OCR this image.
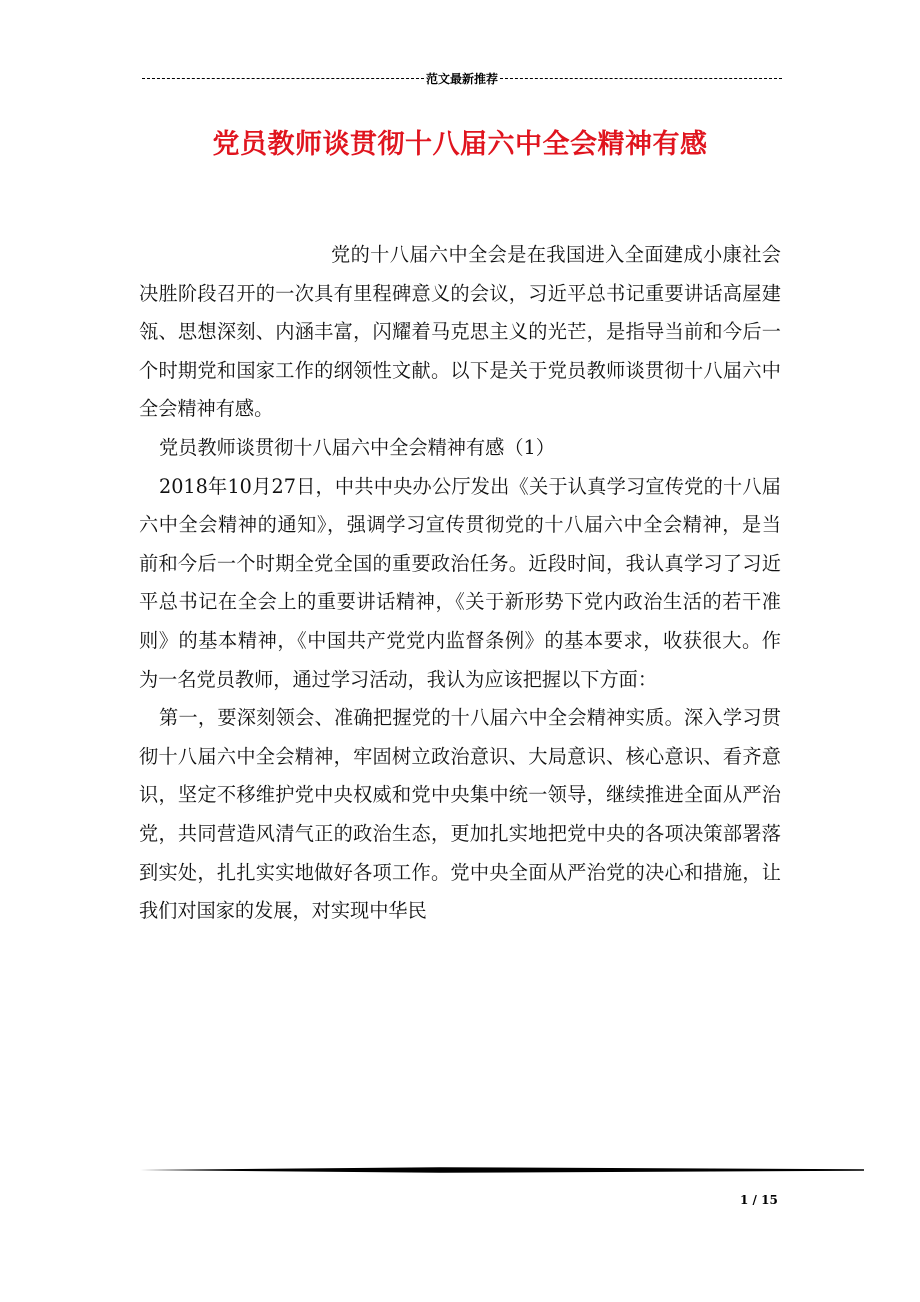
范文最新推荐
党员教师谈贯彻十八届六中全会精神有感

党的十八届六中全会是在我国进入全面建成小康社会决胜阶段召开的一次具有里程碑意义的会议，习近平总书记重要讲话高屋建瓴、思想深刻、内涵丰富，闪耀着马克思主义的光芒，是指导当前和今后一个时期党和国家工作的纲领性文献。以下是关于党员教师谈贯彻十八届六中全会精神有感。

党员教师谈贯彻十八届六中全会精神有感（1）

2018年10月27日，中共中央办公厅发出《关于认真学习宣传党的十八届六中全会精神的通知》，强调学习宣传贯彻党的十八届六中全会精神，是当前和今后一个时期全党全国的重要政治任务。近段时间，我认真学习了习近平总书记在全会上的重要讲话精神，《关于新形势下党内政治生活的若干准则》的基本精神，《中国共产党党内监督条例》的基本要求，收获很大。作为一名党员教师，通过学习活动，我认为应该把握以下方面：

第一，要深刻领会、准确把握党的十八届六中全会精神实质。深入学习贯彻十八届六中全会精神，牢固树立政治意识、大局意识、核心意识、看齐意识，坚定不移维护党中央权威和党中央集中统一领导，继续推进全面从严治党，共同营造风清气正的政治生态，更加扎实地把党中央的各项决策部署落到实处，扎扎实实地做好各项工作。党中央全面从严治党的决心和措施，让我们对国家的发展，对实现中华民

1 / 15
